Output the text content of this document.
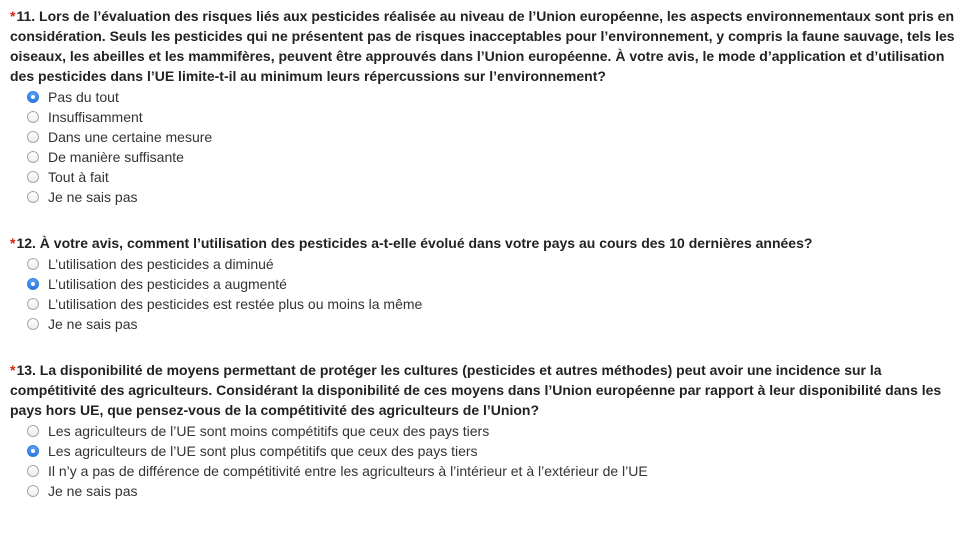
*11. Lors de l’évaluation des risques liés aux pesticides réalisée au niveau de l’Union européenne, les aspects environnementaux sont pris en considération. Seuls les pesticides qui ne présentent pas de risques inacceptables pour l’environnement, y compris la faune sauvage, tels les oiseaux, les abeilles et les mammifères, peuvent être approuvés dans l’Union européenne. À votre avis, le mode d’application et d’utilisation des pesticides dans l’UE limite-t-il au minimum leurs répercussions sur l’environnement?

Pas du tout
Insuffisamment
Dans une certaine mesure
De manière suffisante
Tout à fait
Je ne sais pas

*12. À votre avis, comment l’utilisation des pesticides a-t-elle évolué dans votre pays au cours des 10 dernières années?

L’utilisation des pesticides a diminué
L’utilisation des pesticides a augmenté
L’utilisation des pesticides est restée plus ou moins la même
Je ne sais pas

*13. La disponibilité de moyens permettant de protéger les cultures (pesticides et autres méthodes) peut avoir une incidence sur la compétitivité des agriculteurs. Considérant la disponibilité de ces moyens dans l’Union européenne par rapport à leur disponibilité dans les pays hors UE, que pensez-vous de la compétitivité des agriculteurs de l’Union?

Les agriculteurs de l’UE sont moins compétitifs que ceux des pays tiers
Les agriculteurs de l’UE sont plus compétitifs que ceux des pays tiers
Il n’y a pas de différence de compétitivité entre les agriculteurs à l’intérieur et à l’extérieur de l’UE
Je ne sais pas
